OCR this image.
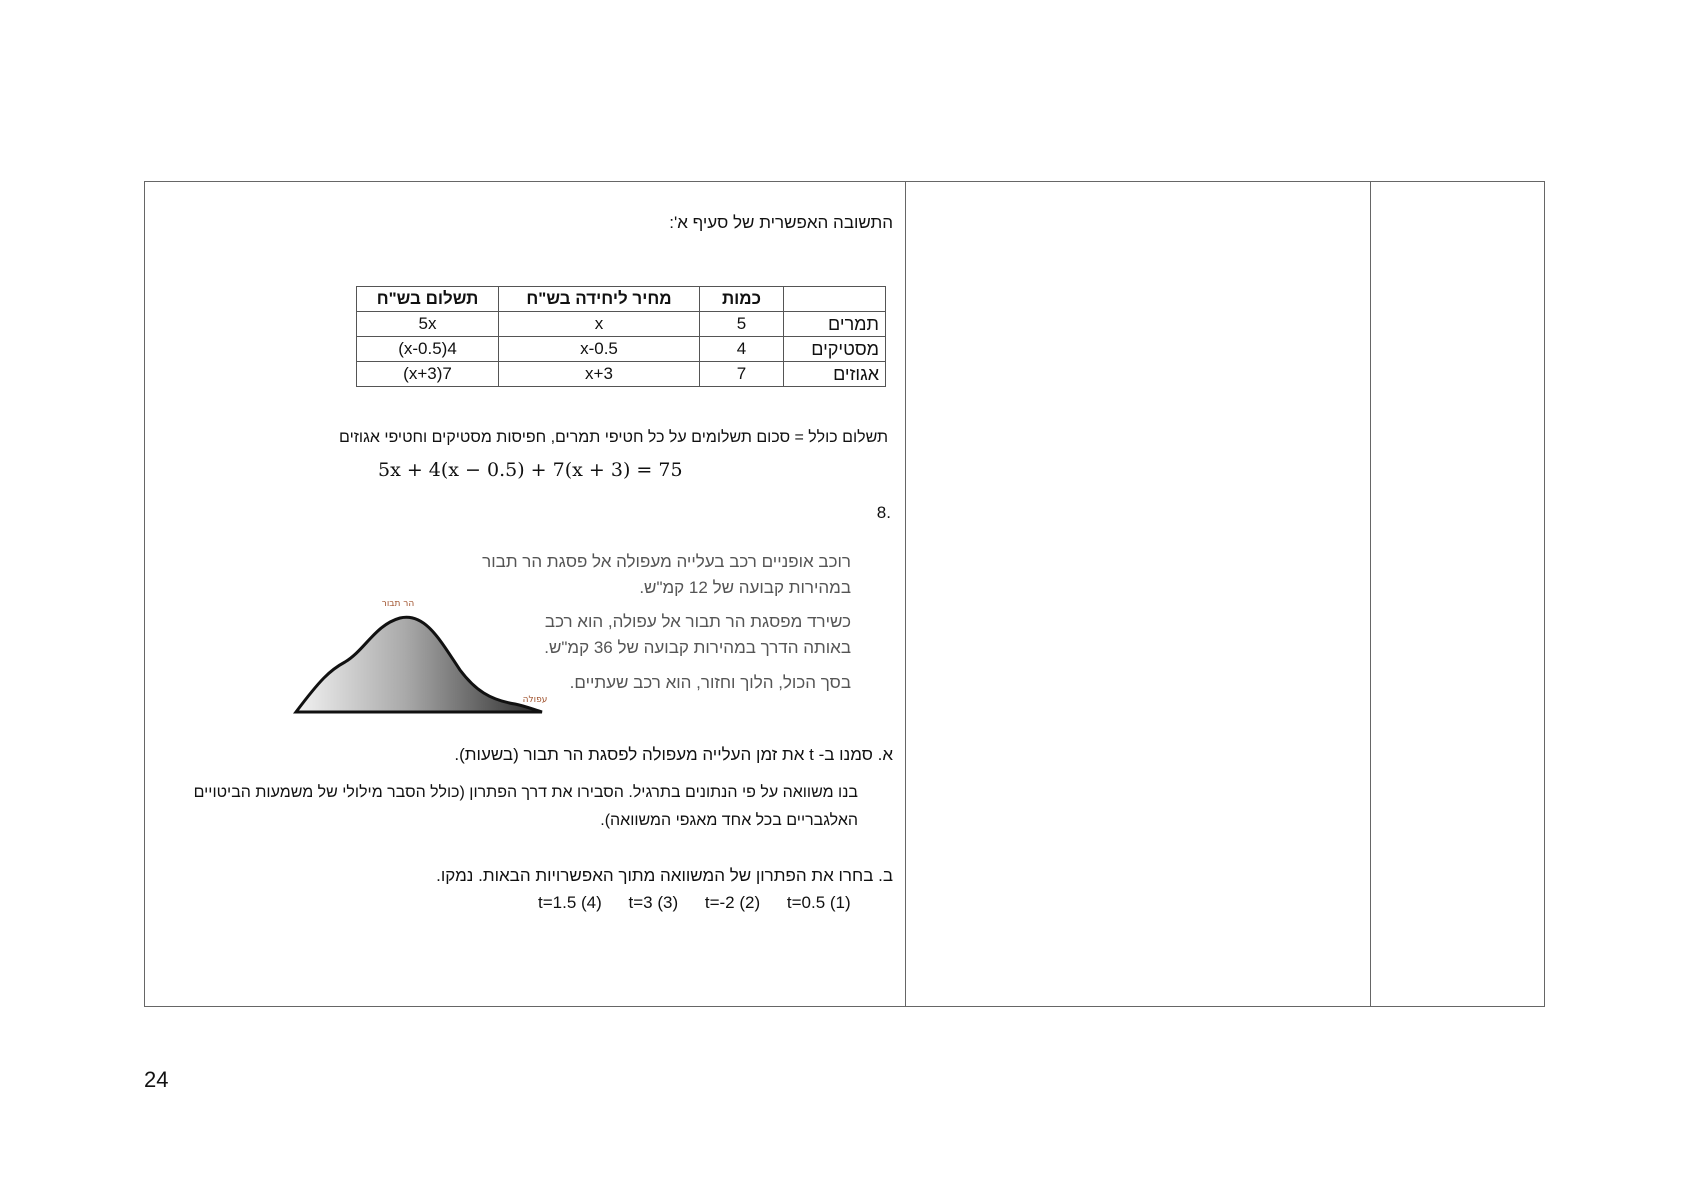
התשובה האפשרית של סעיף א':
	כמות	מחיר ליחידה בש"ח	תשלום בש"ח
תמרים	5	x	5x
מסטיקים	4	x-0.5	4(x-0.5)
אגוזים	7	x+3	7(x+3)
תשלום כולל = סכום תשלומים על כל חטיפי תמרים, חפיסות מסטיקים וחטיפי אגוזים
5x + 4(x − 0.5) + 7(x + 3) = 75
.8
רוכב אופניים רכב בעלייה מעפולה אל פסגת הר תבור
במהירות קבועה של 12 קמ"ש.
כשירד מפסגת הר תבור אל עפולה, הוא רכב
באותה הדרך במהירות קבועה של 36 קמ"ש.
בסך הכול, הלוך וחזור, הוא רכב שעתיים.
הר תבור
עפולה
א. סמנו ב- t את זמן העלייה מעפולה לפסגת הר תבור (בשעות).
בנו משוואה על פי הנתונים בתרגיל. הסבירו את דרך הפתרון (כולל הסבר מילולי של משמעות הביטויים
האלגבריים בכל אחד מאגפי המשוואה).
ב. בחרו את הפתרון של המשוואה מתוך האפשרויות הבאות. נמקו.
t=1.5 (4) t=3 (3) t=-2 (2) t=0.5 (1)
24
